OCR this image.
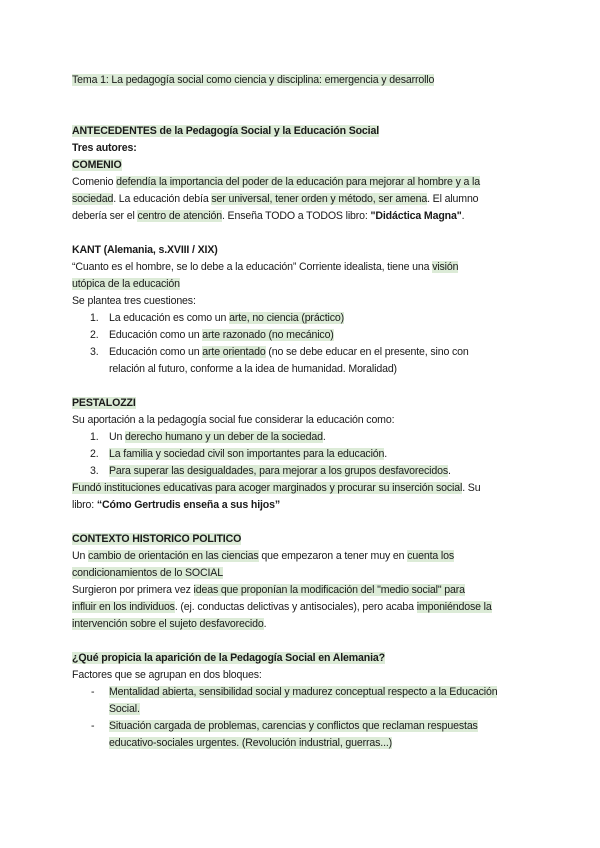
Tema 1: La pedagogía social como ciencia y disciplina: emergencia y desarrollo
ANTECEDENTES de la Pedagogía Social y la Educación Social
Tres autores:
COMENIO
Comenio defendía la importancia del poder de la educación para mejorar al hombre y a la
sociedad. La educación debía ser universal, tener orden y método, ser amena. El alumno
debería ser el centro de atención. Enseña TODO a TODOS libro: "Didáctica Magna".
KANT (Alemania, s.XVIII / XIX)
“Cuanto es el hombre, se lo debe a la educación” Corriente idealista, tiene una visión
utópica de la educación
Se plantea tres cuestiones:
1. La educación es como un arte, no ciencia (práctico)
2. Educación como un arte razonado (no mecánico)
3. Educación como un arte orientado (no se debe educar en el presente, sino con
relación al futuro, conforme a la idea de humanidad. Moralidad)
PESTALOZZI
Su aportación a la pedagogía social fue considerar la educación como:
1. Un derecho humano y un deber de la sociedad.
2. La familia y sociedad civil son importantes para la educación.
3. Para superar las desigualdades, para mejorar a los grupos desfavorecidos.
Fundó instituciones educativas para acoger marginados y procurar su inserción social. Su
libro: “Cómo Gertrudis enseña a sus hijos”
CONTEXTO HISTORICO POLITICO
Un cambio de orientación en las ciencias que empezaron a tener muy en cuenta los
condicionamientos de lo SOCIAL
Surgieron por primera vez ideas que proponían la modificación del "medio social" para
influir en los individuos. (ej. conductas delictivas y antisociales), pero acaba imponiéndose la
intervención sobre el sujeto desfavorecido.
¿Qué propicia la aparición de la Pedagogía Social en Alemania?
Factores que se agrupan en dos bloques:
- Mentalidad abierta, sensibilidad social y madurez conceptual respecto a la Educación
Social.
- Situación cargada de problemas, carencias y conflictos que reclaman respuestas
educativo-sociales urgentes. (Revolución industrial, guerras...)
